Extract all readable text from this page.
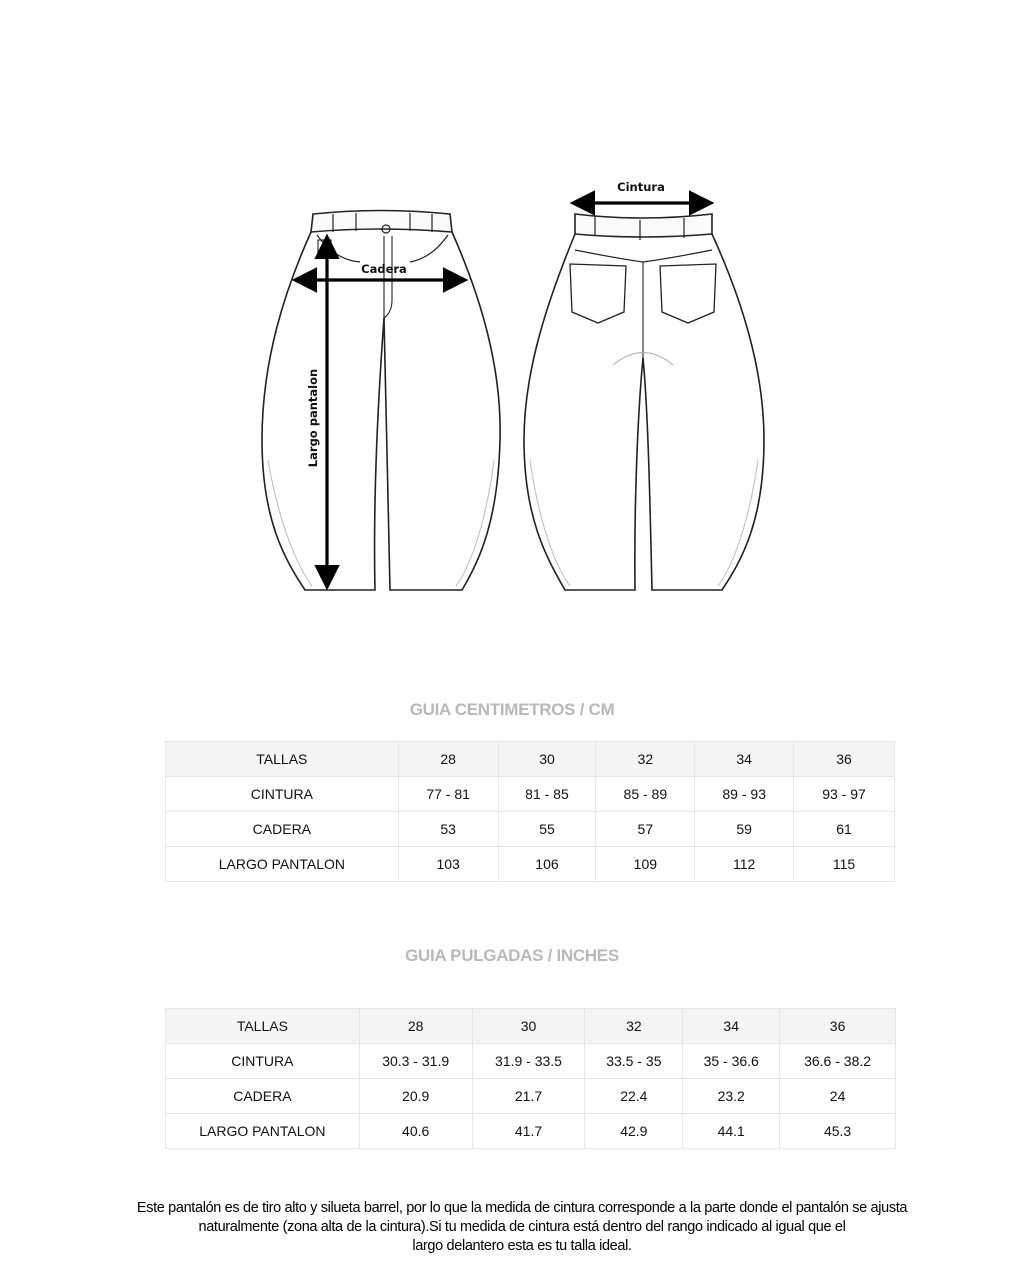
Cadera
Largo pantalon
Cintura
GUIA CENTIMETROS / CM
TALLAS	28	30	32	34	36
CINTURA	77 - 81	81 - 85	85 - 89	89 - 93	93 - 97
CADERA	53	55	57	59	61
LARGO PANTALON	103	106	109	112	115
GUIA PULGADAS / INCHES
TALLAS	28	30	32	34	36
CINTURA	30.3 - 31.9	31.9 - 33.5	33.5 - 35	35 - 36.6	36.6 - 38.2
CADERA	20.9	21.7	22.4	23.2	24
LARGO PANTALON	40.6	41.7	42.9	44.1	45.3
Este pantalón es de tiro alto y silueta barrel, por lo que la medida de cintura corresponde a la parte donde el pantalón se ajusta
naturalmente (zona alta de la cintura).Si tu medida de cintura está dentro del rango indicado al igual que el
largo delantero esta es tu talla ideal.
